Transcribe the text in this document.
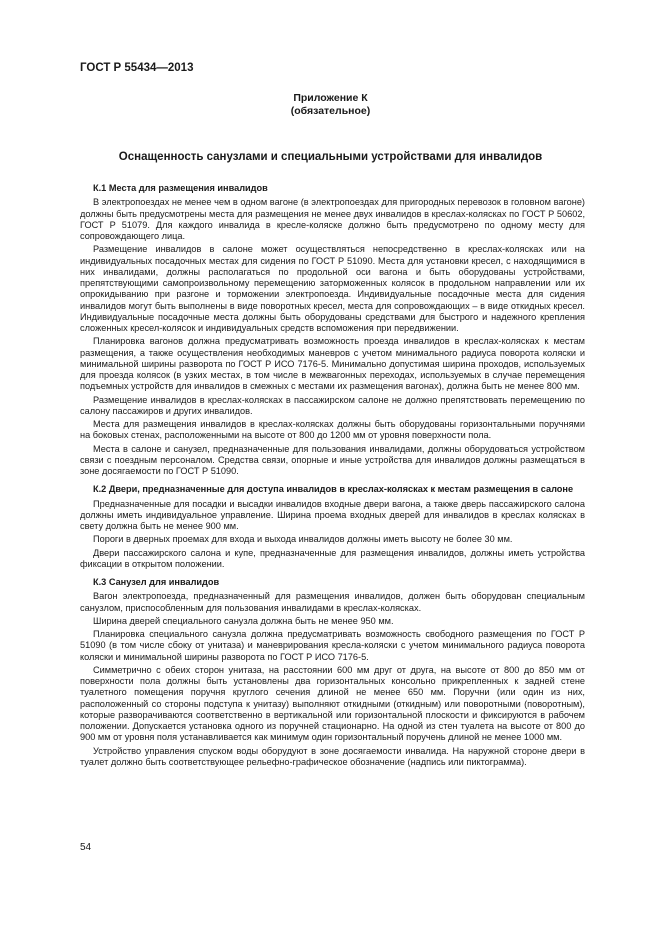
ГОСТ Р 55434—2013
Приложение К
(обязательное)
Оснащенность санузлами и специальными устройствами для инвалидов
К.1 Места для размещения инвалидов

В электропоездах не менее чем в одном вагоне (в электропоездах для пригородных перевозок в головном вагоне) должны быть предусмотрены места для размещения не менее двух инвалидов в креслах-колясках по ГОСТ Р 50602, ГОСТ Р 51079. Для каждого инвалида в кресле-коляске должно быть предусмотрено по одному месту для сопровождающего лица.

Размещение инвалидов в салоне может осуществляться непосредственно в креслах-колясках или на индивидуальных посадочных местах для сидения по ГОСТ Р 51090. Места для установки кресел, с находящимися в них инвалидами, должны располагаться по продольной оси вагона и быть оборудованы устройствами, препятствующими самопроизвольному перемещению заторможенных колясок в продольном направлении или их опрокидыванию при разгоне и торможении электропоезда. Индивидуальные посадочные места для сидения инвалидов могут быть выполнены в виде поворотных кресел, места для сопровождающих – в виде откидных кресел. Индивидуальные посадочные места должны быть оборудованы средствами для быстрого и надежного крепления сложенных кресел-колясок и индивидуальных средств вспоможения при передвижении.

Планировка вагонов должна предусматривать возможность проезда инвалидов в креслах-колясках к местам размещения, а также осуществления необходимых маневров с учетом минимального радиуса поворота коляски и минимальной ширины разворота по ГОСТ Р ИСО 7176-5. Минимально допустимая ширина проходов, используемых для проезда колясок (в узких местах, в том числе в межвагонных переходах, используемых в случае перемещения подъемных устройств для инвалидов в смежных с местами их размещения вагонах), должна быть не менее 800 мм.

Размещение инвалидов в креслах-колясках в пассажирском салоне не должно препятствовать перемещению по салону пассажиров и других инвалидов.

Места для размещения инвалидов в креслах-колясках должны быть оборудованы горизонтальными поручнями на боковых стенах, расположенными на высоте от 800 до 1200 мм от уровня поверхности пола.

Места в салоне и санузел, предназначенные для пользования инвалидами, должны оборудоваться устройством связи с поездным персоналом. Средства связи, опорные и иные устройства для инвалидов должны размещаться в зоне досягаемости по ГОСТ Р 51090.

К.2 Двери, предназначенные для доступа инвалидов в креслах-колясках к местам размещения в салоне

Предназначенные для посадки и высадки инвалидов входные двери вагона, а также дверь пассажирского салона должны иметь индивидуальное управление. Ширина проема входных дверей для инвалидов в креслах колясках в свету должна быть не менее 900 мм.

Пороги в дверных проемах для входа и выхода инвалидов должны иметь высоту не более 30 мм.

Двери пассажирского салона и купе, предназначенные для размещения инвалидов, должны иметь устройства фиксации в открытом положении.

К.3 Санузел для инвалидов

Вагон электропоезда, предназначенный для размещения инвалидов, должен быть оборудован специальным санузлом, приспособленным для пользования инвалидами в креслах-колясках.

Ширина дверей специального санузла должна быть не менее 950 мм.

Планировка специального санузла должна предусматривать возможность свободного размещения по ГОСТ Р 51090 (в том числе сбоку от унитаза) и маневрирования кресла-коляски с учетом минимального радиуса поворота коляски и минимальной ширины разворота по ГОСТ Р ИСО 7176-5.

Симметрично с обеих сторон унитаза, на расстоянии 600 мм друг от друга, на высоте от 800 до 850 мм от поверхности пола должны быть установлены два горизонтальных консольно прикрепленных к задней стене туалетного помещения поручня круглого сечения длиной не менее 650 мм. Поручни (или один из них, расположенный со стороны подступа к унитазу) выполняют откидными (откидным) или поворотными (поворотным), которые разворачиваются соответственно в вертикальной или горизонтальной плоскости и фиксируются в рабочем положении. Допускается установка одного из поручней стационарно. На одной из стен туалета на высоте от 800 до 900 мм от уровня поля устанавливается как минимум один горизонтальный поручень длиной не менее 1000 мм.

Устройство управления спуском воды оборудуют в зоне досягаемости инвалида. На наружной стороне двери в туалет должно быть соответствующее рельефно-графическое обозначение (надпись или пиктограмма).

54
